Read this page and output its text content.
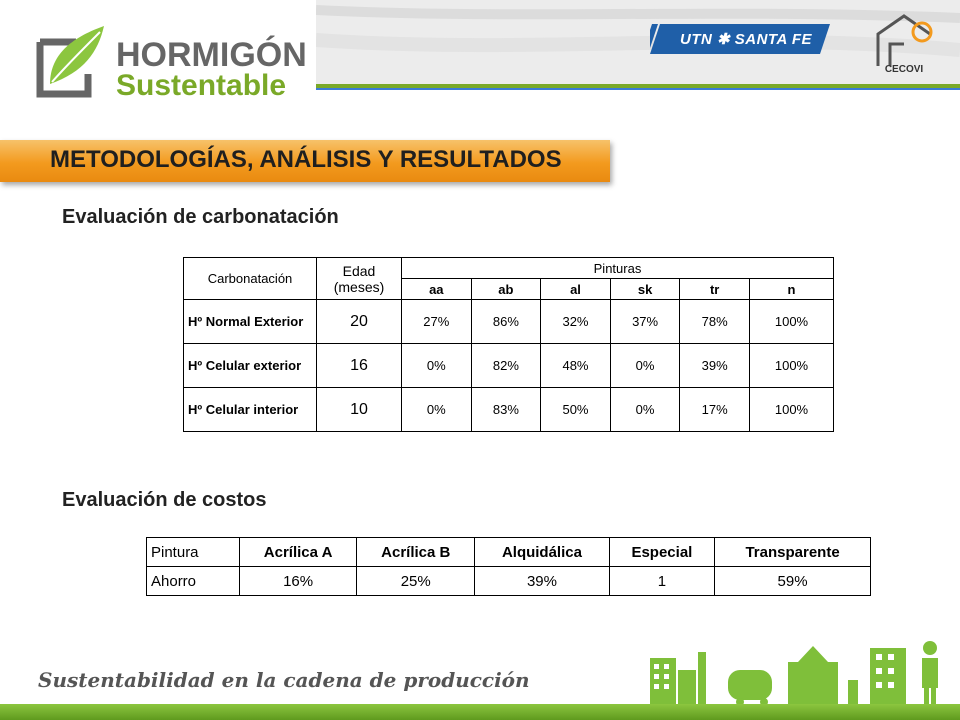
HORMIGÓN
Sustentable
UTN ✱ SANTA FE
CECOVI
METODOLOGÍAS, ANÁLISIS Y RESULTADOS
Evaluación de carbonatación
Carbonatación	Edad (meses)	Pinturas					
		aa	ab	al	sk	tr	n
Hº Normal Exterior	20	27%	86%	32%	37%	78%	100%
Hº Celular exterior	16	0%	82%	48%	0%	39%	100%
Hº Celular interior	10	0%	83%	50%	0%	17%	100%
Evaluación de costos
Pintura	Acrílica A	Acrílica B	Alquidálica	Especial	Transparente
Ahorro	16%	25%	39%	1	59%
Sustentabilidad en la cadena de producción
